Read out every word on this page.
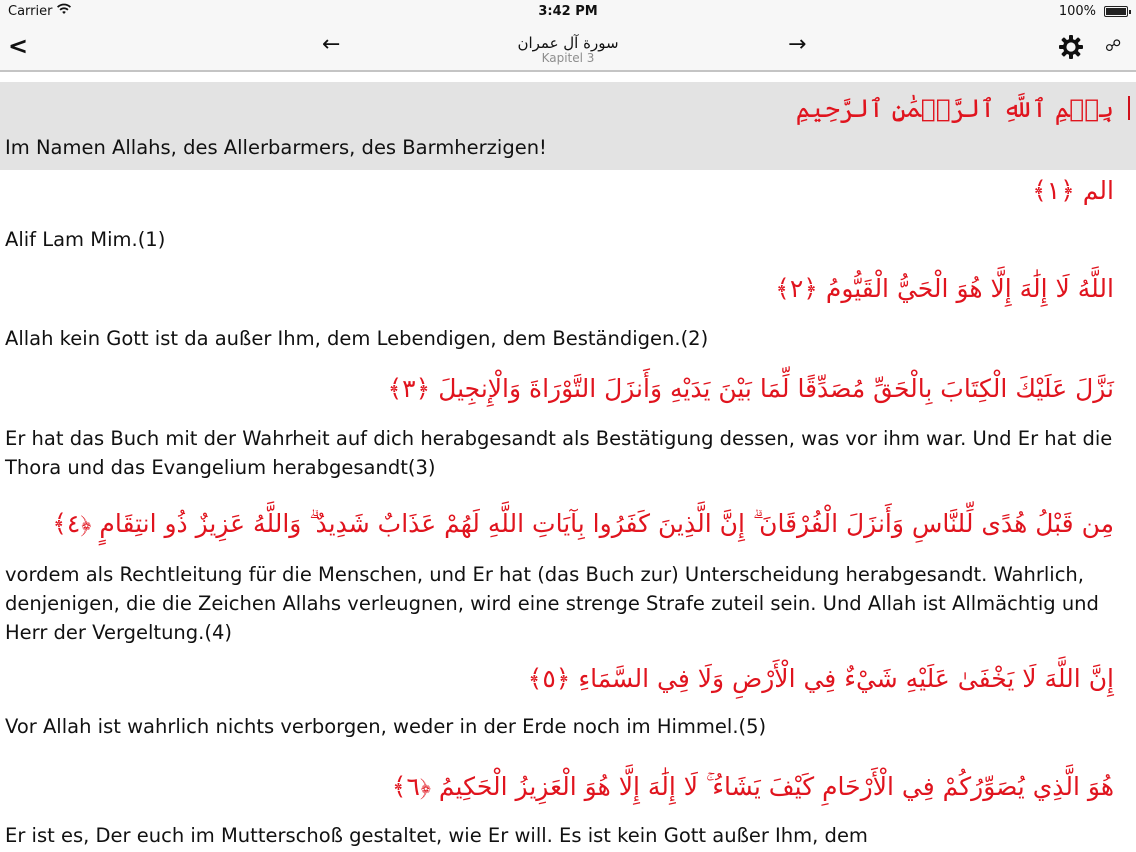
Carrier	3:42 PM	100%
<	←	سورة آل عمران
Kapitel 3
→	☍
بِسۡمِ ٱللَّهِ ٱلرَّحۡمَٰنِ ٱلرَّحِيمِ
Im Namen Allahs, des Allerbarmers, des Barmherzigen!
الم ﴿١﴾
Alif Lam Mim.(1)
اللَّهُ لَا إِلَٰهَ إِلَّا هُوَ الْحَيُّ الْقَيُّومُ ﴿٢﴾
Allah kein Gott ist da außer Ihm, dem Lebendigen, dem Beständigen.(2)
نَزَّلَ عَلَيْكَ الْكِتَابَ بِالْحَقِّ مُصَدِّقًا لِّمَا بَيْنَ يَدَيْهِ وَأَنزَلَ التَّوْرَاةَ وَالْإِنجِيلَ ﴿٣﴾
Er hat das Buch mit der Wahrheit auf dich herabgesandt als Bestätigung dessen, was vor ihm war. Und Er hat die Thora und das Evangelium herabgesandt(3)
مِن قَبْلُ هُدًى لِّلنَّاسِ وَأَنزَلَ الْفُرْقَانَ ۗ إِنَّ الَّذِينَ كَفَرُوا بِآيَاتِ اللَّهِ لَهُمْ عَذَابٌ شَدِيدٌ ۗ وَاللَّهُ عَزِيزٌ ذُو انتِقَامٍ ﴿٤﴾
vordem als Rechtleitung für die Menschen, und Er hat (das Buch zur) Unterscheidung herabgesandt. Wahrlich, denjenigen, die die Zeichen Allahs verleugnen, wird eine strenge Strafe zuteil sein. Und Allah ist Allmächtig und Herr der Vergeltung.(4)
إِنَّ اللَّهَ لَا يَخْفَىٰ عَلَيْهِ شَيْءٌ فِي الْأَرْضِ وَلَا فِي السَّمَاءِ ﴿٥﴾
Vor Allah ist wahrlich nichts verborgen, weder in der Erde noch im Himmel.(5)
هُوَ الَّذِي يُصَوِّرُكُمْ فِي الْأَرْحَامِ كَيْفَ يَشَاءُ ۚ لَا إِلَٰهَ إِلَّا هُوَ الْعَزِيزُ الْحَكِيمُ ﴿٦﴾
Er ist es, Der euch im Mutterschoß gestaltet, wie Er will. Es ist kein Gott außer Ihm, dem
